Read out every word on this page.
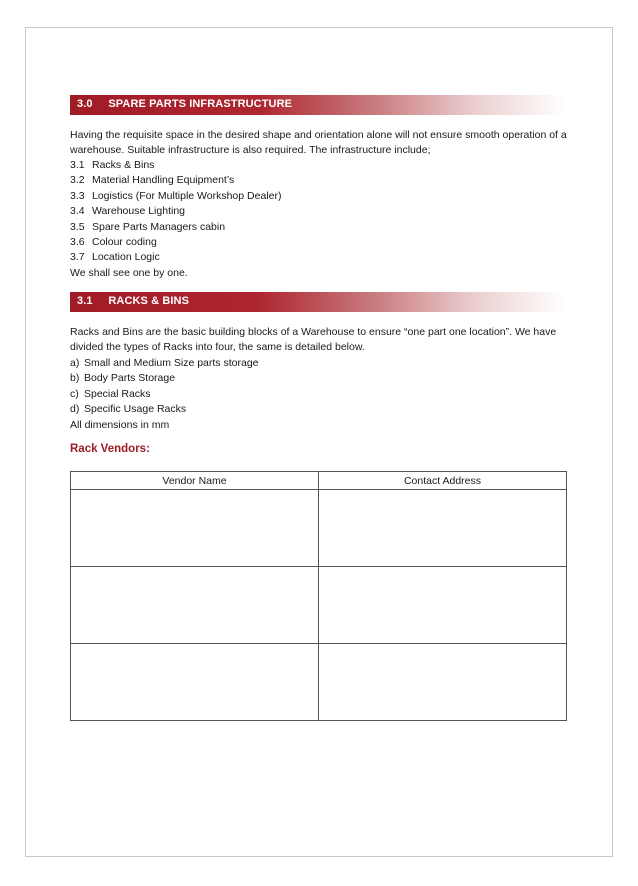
3.0 SPARE PARTS INFRASTRUCTURE

Having the requisite space in the desired shape and orientation alone will not ensure smooth operation of a warehouse. Suitable infrastructure is also required. The infrastructure include;

3.1 Racks & Bins
3.2 Material Handling Equipment’s
3.3 Logistics (For Multiple Workshop Dealer)
3.4 Warehouse Lighting
3.5 Spare Parts Managers cabin
3.6 Colour coding
3.7 Location Logic
We shall see one by one.
3.1 RACKS & BINS

Racks and Bins are the basic building blocks of a Warehouse to ensure “one part one location”. We have divided the types of Racks into four, the same is detailed below.

a) Small and Medium Size parts storage
b) Body Parts Storage
c) Special Racks
d) Specific Usage Racks
All dimensions in mm

Rack Vendors:

Vendor Name	Contact Address
